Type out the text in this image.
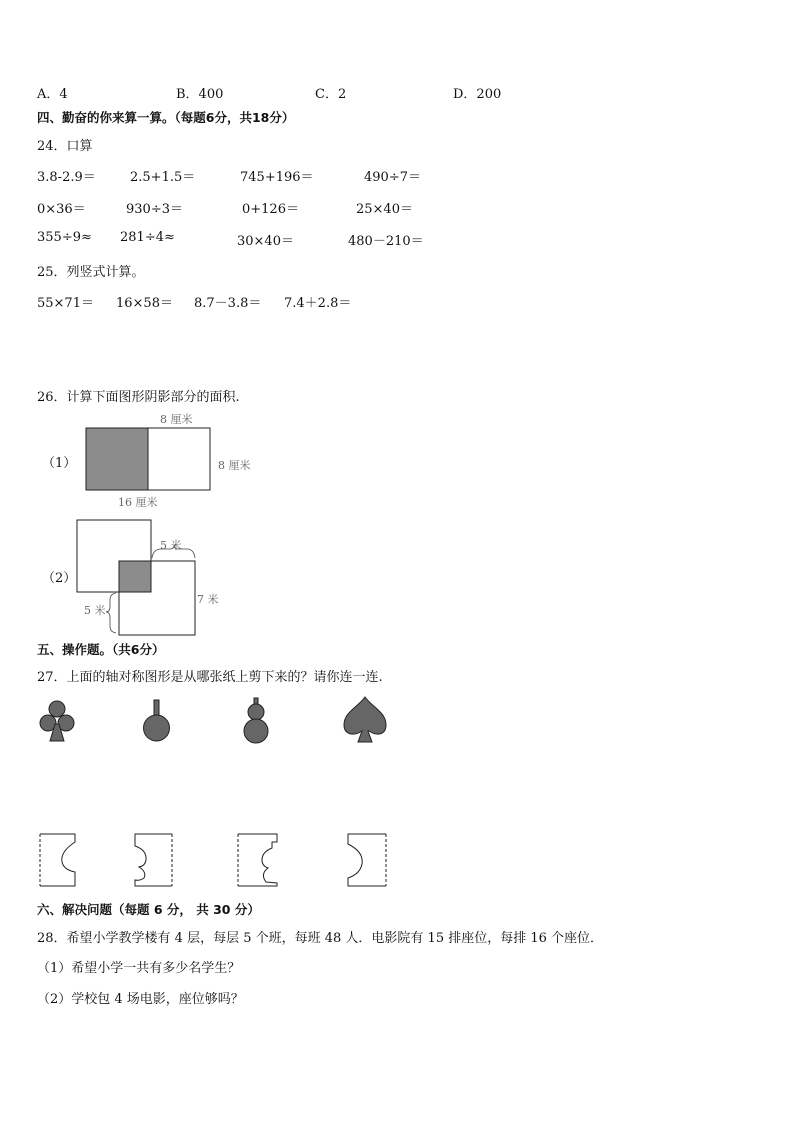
A．4	B．400	C．2	D．200
四、勤奋的你来算一算。（每题6分，共18分）
24．口算
3.8-2.9＝	2.5+1.5＝	745+196＝	490÷7＝
0×36＝	930÷3＝	0+126＝	25×40＝
355÷9≈ 281÷4≈	30×40＝	480－210＝
25．列竖式计算。
55×71＝ 16×58＝ 8.7－3.8＝ 7.4＋2.8＝
26．计算下面图形阴影部分的面积.
（1）
8 厘米
8 厘米
16 厘米
（2）
5 米
7 米
5 米
五、操作题。（共6分）
27．上面的轴对称图形是从哪张纸上剪下来的？请你连一连.
六、解决问题（每题 6 分， 共 30 分）
28．希望小学教学楼有 4 层，每层 5 个班，每班 48 人．电影院有 15 排座位，每排 16 个座位．
（1）希望小学一共有多少名学生？
（2）学校包 4 场电影，座位够吗？
